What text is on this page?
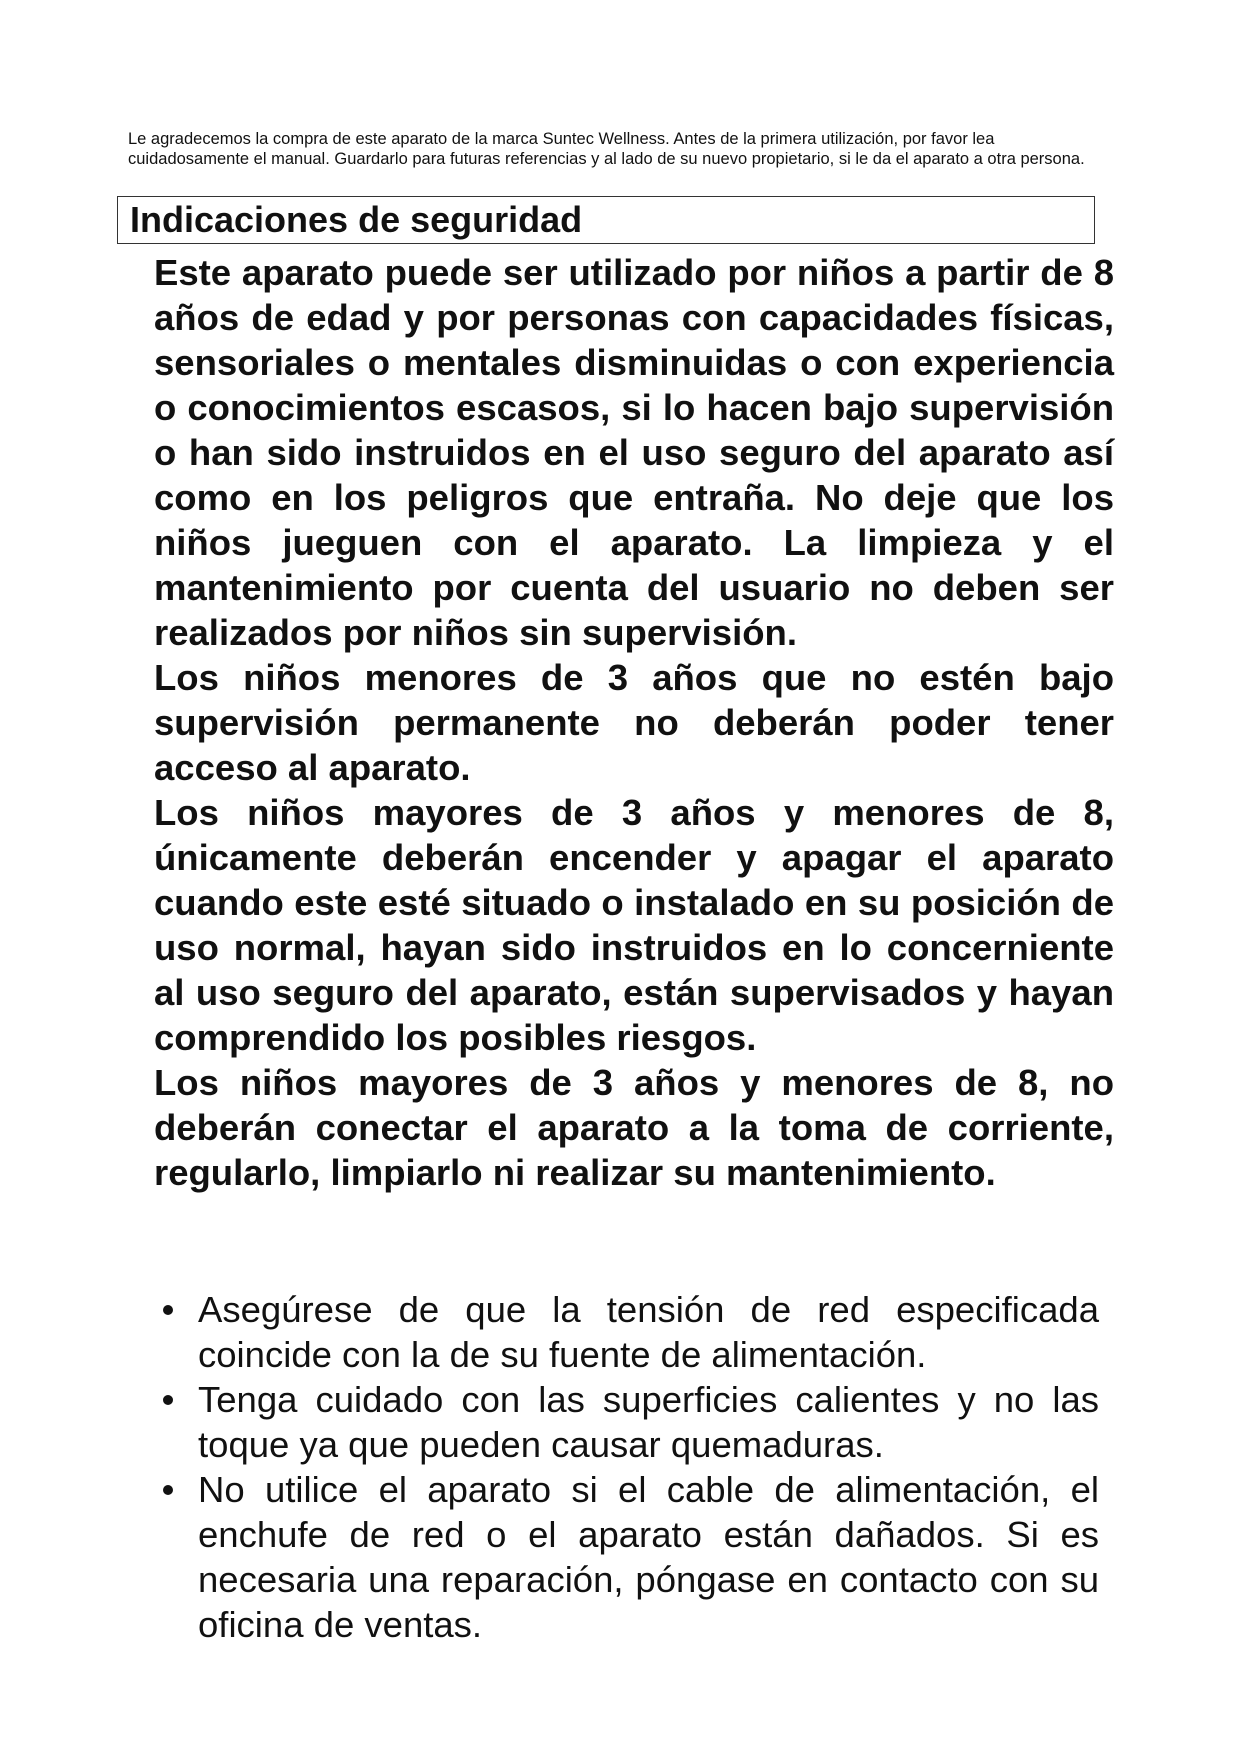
Le agradecemos la compra de este aparato de la marca Suntec Wellness. Antes de la primera utilización, por favor lea cuidadosamente el manual. Guardarlo para futuras referencias y al lado de su nuevo propietario, si le da el aparato a otra persona.

Indicaciones de seguridad

Este aparato puede ser utilizado por niños a partir de 8 años de edad y por personas con capacidades físicas, sensoriales o mentales disminuidas o con experiencia o conocimientos escasos, si lo hacen bajo supervisión o han sido instruidos en el uso seguro del aparato así como en los peligros que entraña. No deje que los niños jueguen con el aparato. La limpieza y el mantenimiento por cuenta del usuario no deben ser realizados por niños sin supervisión.

Los niños menores de 3 años que no estén bajo supervisión permanente no deberán poder tener acceso al aparato.

Los niños mayores de 3 años y menores de 8, únicamente deberán encender y apagar el aparato cuando este esté situado o instalado en su posición de uso normal, hayan sido instruidos en lo concerniente al uso seguro del aparato, están supervisados y hayan comprendido los posibles riesgos.

Los niños mayores de 3 años y menores de 8, no deberán conectar el aparato a la toma de corriente, regularlo, limpiarlo ni realizar su mantenimiento.

Asegúrese de que la tensión de red especificada coincide con la de su fuente de alimentación.
Tenga cuidado con las superficies calientes y no las toque ya que pueden causar quemaduras.
No utilice el aparato si el cable de alimentación, el enchufe de red o el aparato están dañados. Si es necesaria una reparación, póngase en contacto con su oficina de ventas.
